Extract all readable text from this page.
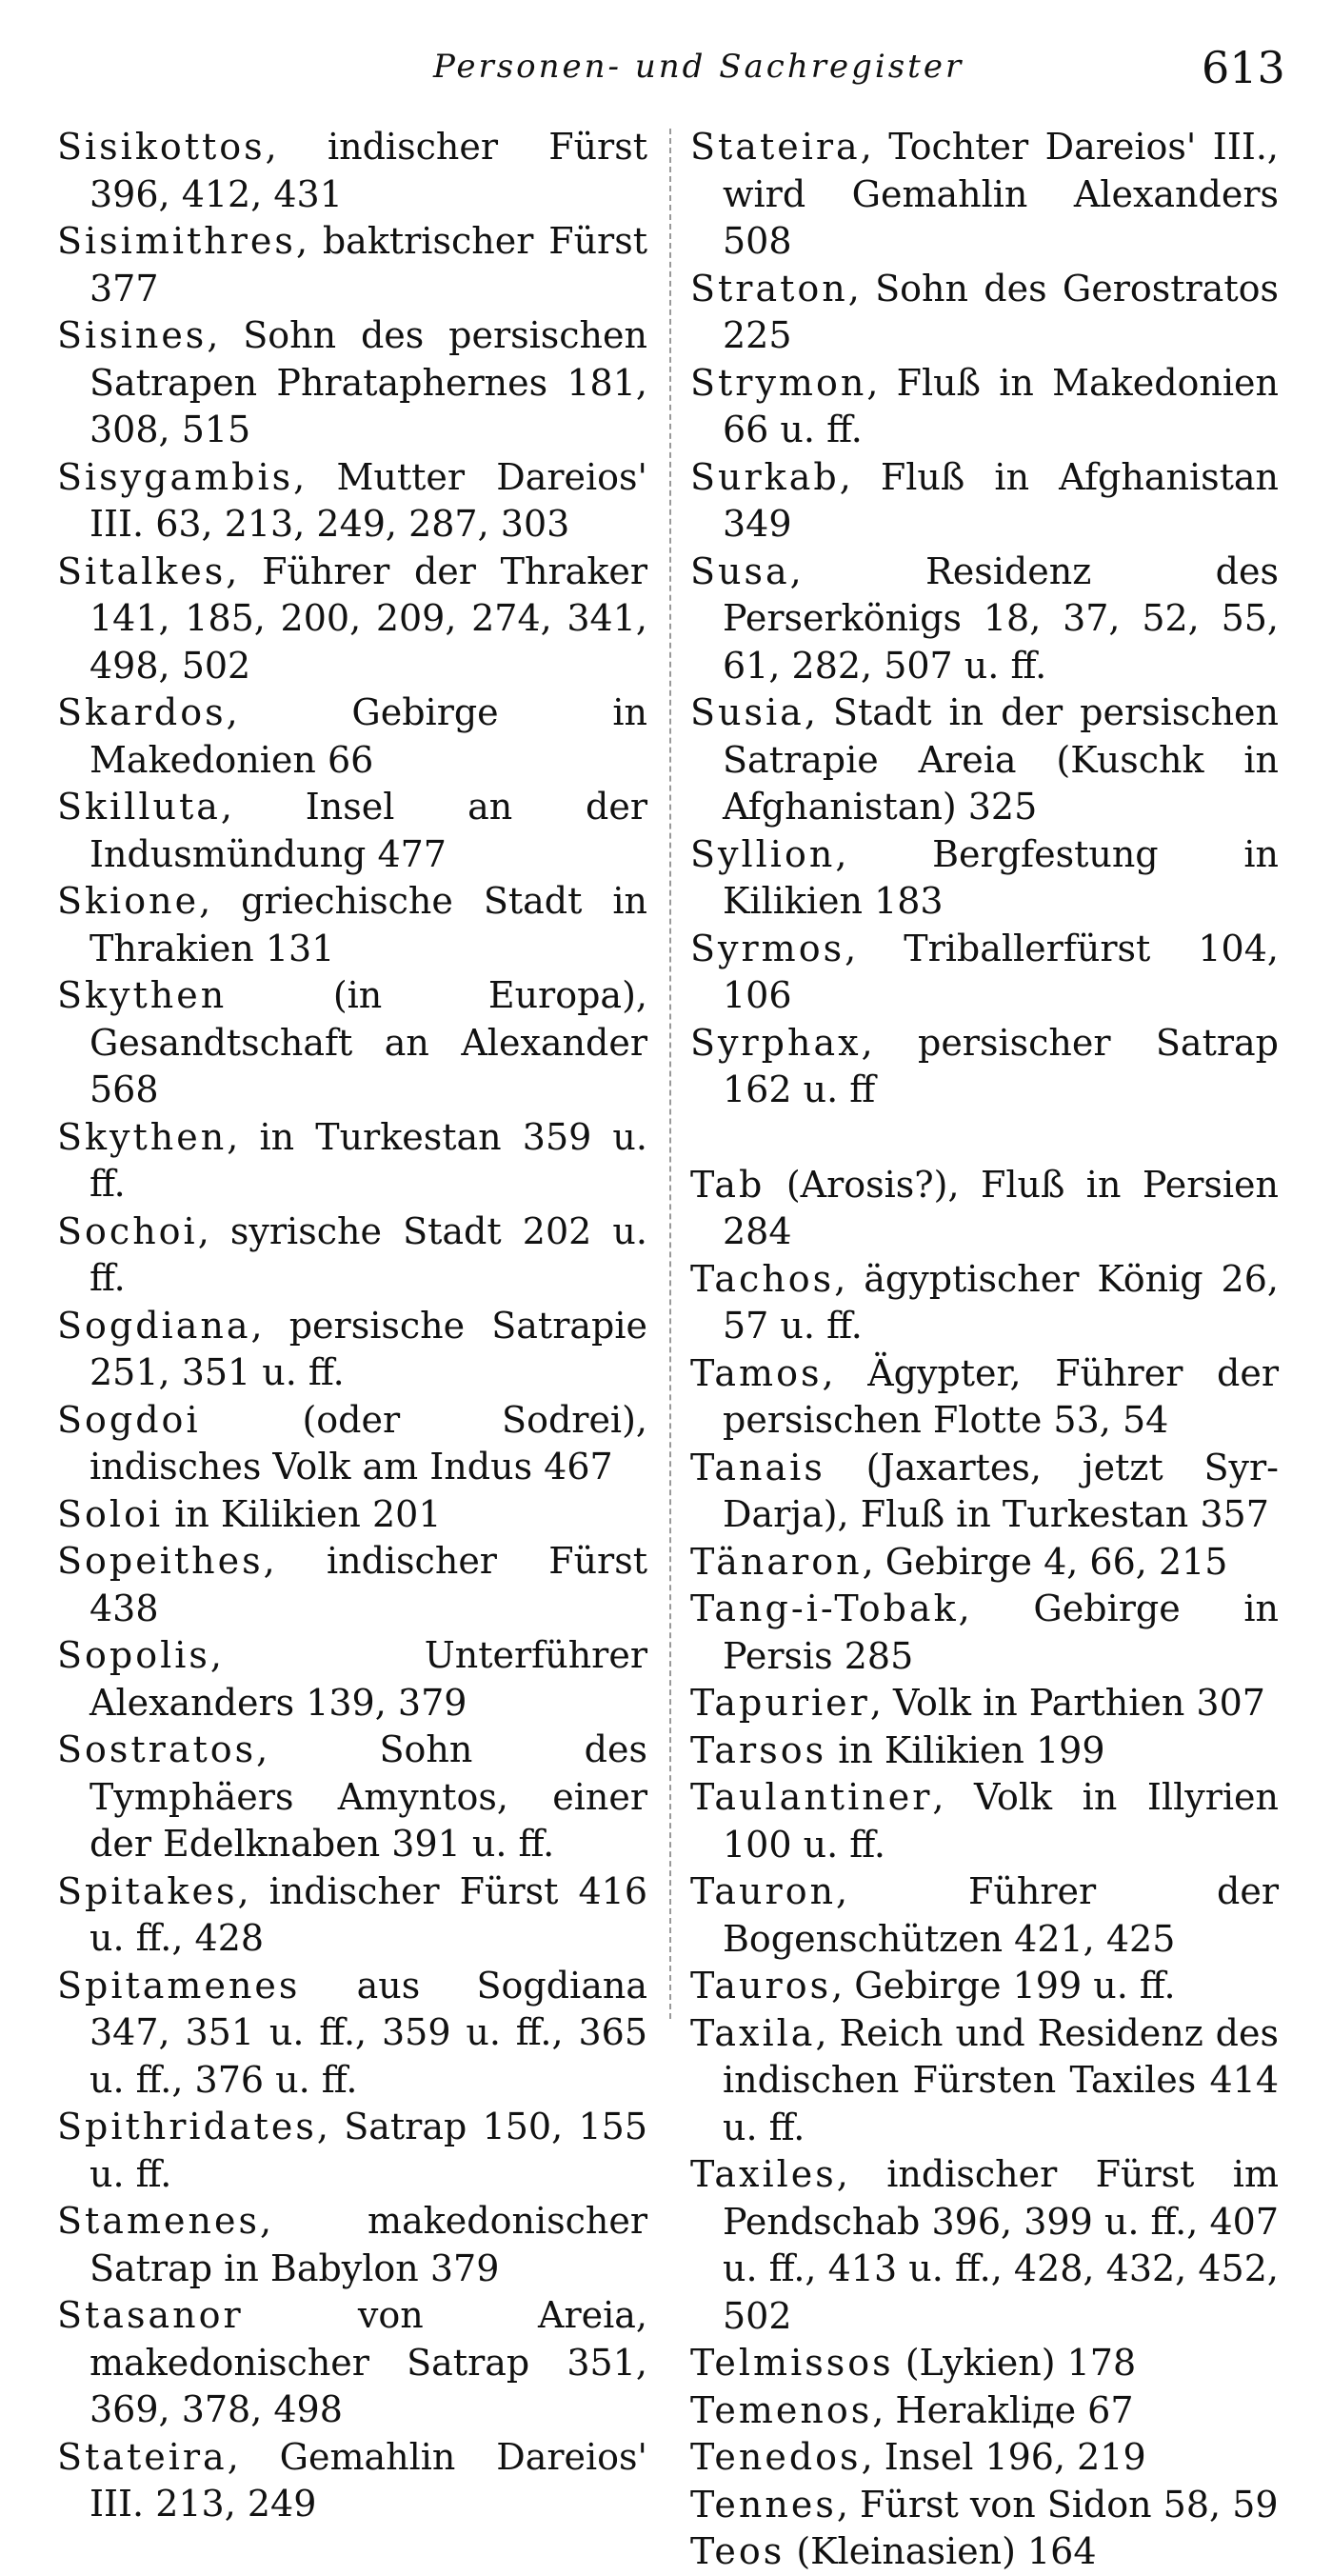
Personen- und Sachregister	613

Sisikottos, indischer Fürst 396, 412, 431

Sisimithres, baktrischer Fürst 377

Sisines, Sohn des persischen Satrapen Phrataphernes 181, 308, 515

Sisygambis, Mutter Dareios' III. 63, 213, 249, 287, 303

Sitalkes, Führer der Thraker 141, 185, 200, 209, 274, 341, 498, 502

Skardos, Gebirge in Makedonien 66

Skilluta, Insel an der Indusmündung 477

Skione, griechische Stadt in Thrakien 131

Skythen (in Europa), Gesandtschaft an Alexander 568

Skythen, in Turkestan 359 u. ff.

Sochoi, syrische Stadt 202 u. ff.

Sogdiana, persische Satrapie 251, 351 u. ff.

Sogdoi (oder Sodrei), indisches Volk am Indus 467

Soloi in Kilikien 201

Sopeithes, indischer Fürst 438

Sopolis, Unterführer Alexanders 139, 379

Sostratos, Sohn des Tymphäers Amyntos, einer der Edelknaben 391 u. ff.

Spitakes, indischer Fürst 416 u. ff., 428

Spitamenes aus Sogdiana 347, 351 u. ff., 359 u. ff., 365 u. ff., 376 u. ff.

Spithridates, Satrap 150, 155 u. ff.

Stamenes, makedonischer Satrap in Babylon 379

Stasanor von Areia, makedonischer Satrap 351, 369, 378, 498

Stateira, Gemahlin Dareios' III. 213, 249

Stateira, Tochter Dareios' III., wird Gemahlin Alexanders 508

Straton, Sohn des Gerostratos 225

Strymon, Fluß in Makedonien 66 u. ff.

Surkab, Fluß in Afghanistan 349

Susa, Residenz des Perserkönigs 18, 37, 52, 55, 61, 282, 507 u. ff.

Susia, Stadt in der persischen Satrapie Areia (Kuschk in Afghanistan) 325

Syllion, Bergfestung in Kilikien 183

Syrmos, Triballerfürst 104, 106

Syrphax, persischer Satrap 162 u. ff

Tab (Arosis?), Fluß in Persien 284

Tachos, ägyptischer König 26, 57 u. ff.

Tamos, Ägypter, Führer der persischen Flotte 53, 54

Tanais (Jaxartes, jetzt Syr-Darja), Fluß in Turkestan 357

Tänaron, Gebirge 4, 66, 215

Tang-i-Tobak, Gebirge in Persis 285

Tapurier, Volk in Parthien 307

Tarsos in Kilikien 199

Taulantiner, Volk in Illyrien 100 u. ff.

Tauron, Führer der Bogenschützen 421, 425

Tauros, Gebirge 199 u. ff.

Taxila, Reich und Residenz des indischen Fürsten Taxiles 414 u. ff.

Taxiles, indischer Fürst im Pendschab 396, 399 u. ff., 407 u. ff., 413 u. ff., 428, 432, 452, 502

Telmissos (Lykien) 178

Temenos, Herakliде 67

Tenedos, Insel 196, 219

Tennes, Fürst von Sidon 58, 59

Teos (Kleinasien) 164
